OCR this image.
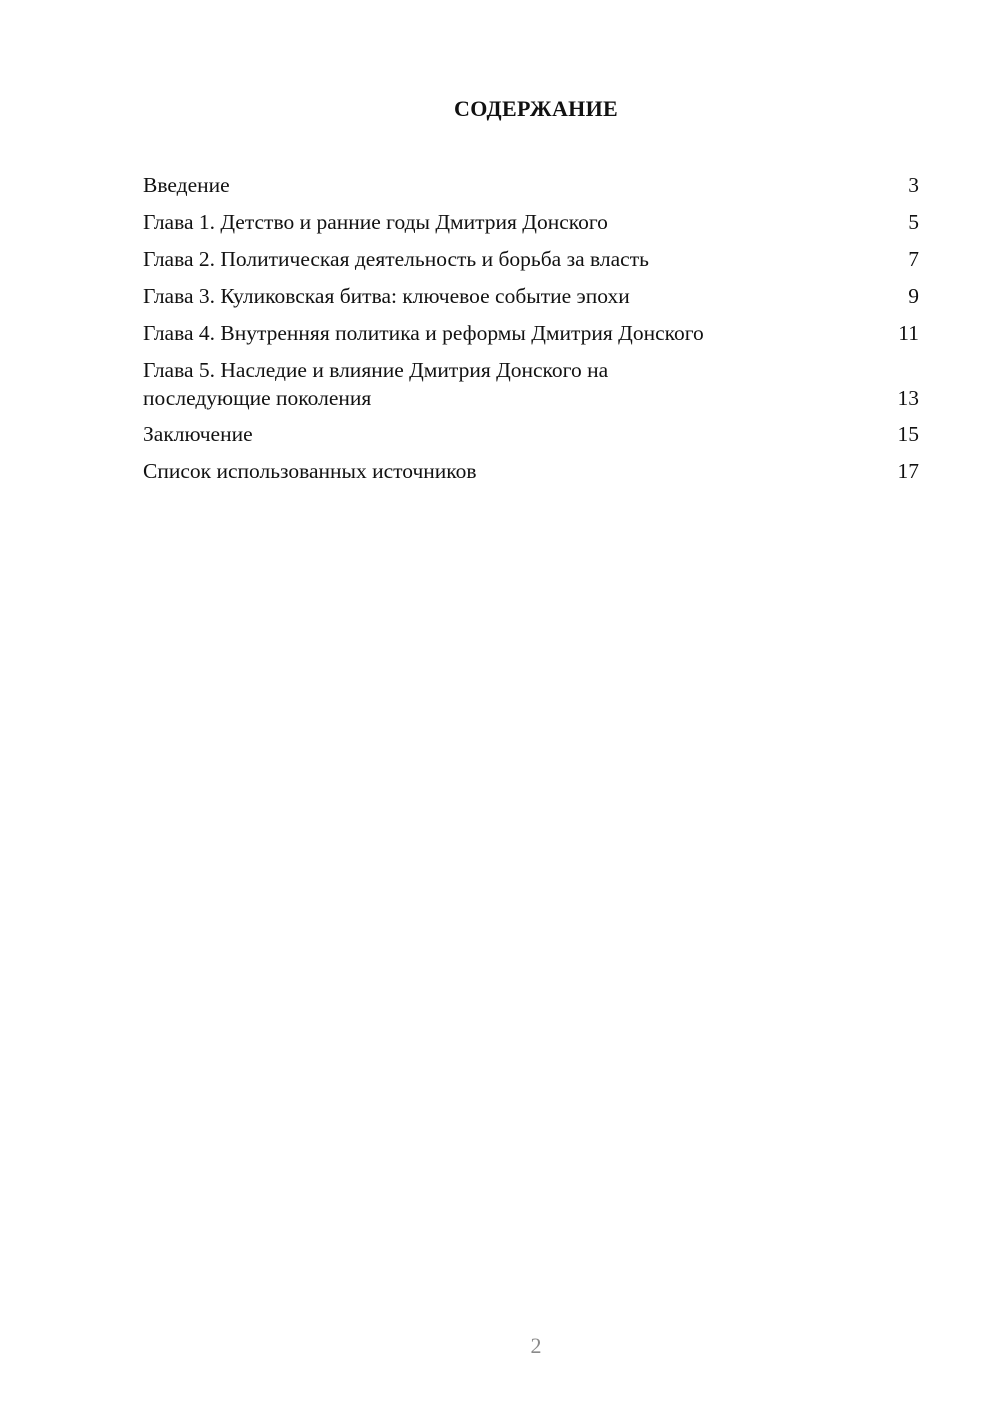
СОДЕРЖАНИЕ
Введение	3
Глава 1. Детство и ранние годы Дмитрия Донского	5
Глава 2. Политическая деятельность и борьба за власть	7
Глава 3. Куликовская битва: ключевое событие эпохи	9
Глава 4. Внутренняя политика и реформы Дмитрия Донского	11
Глава 5. Наследие и влияние Дмитрия Донского на последующие поколения	13
Заключение	15
Список использованных источников	17
2
